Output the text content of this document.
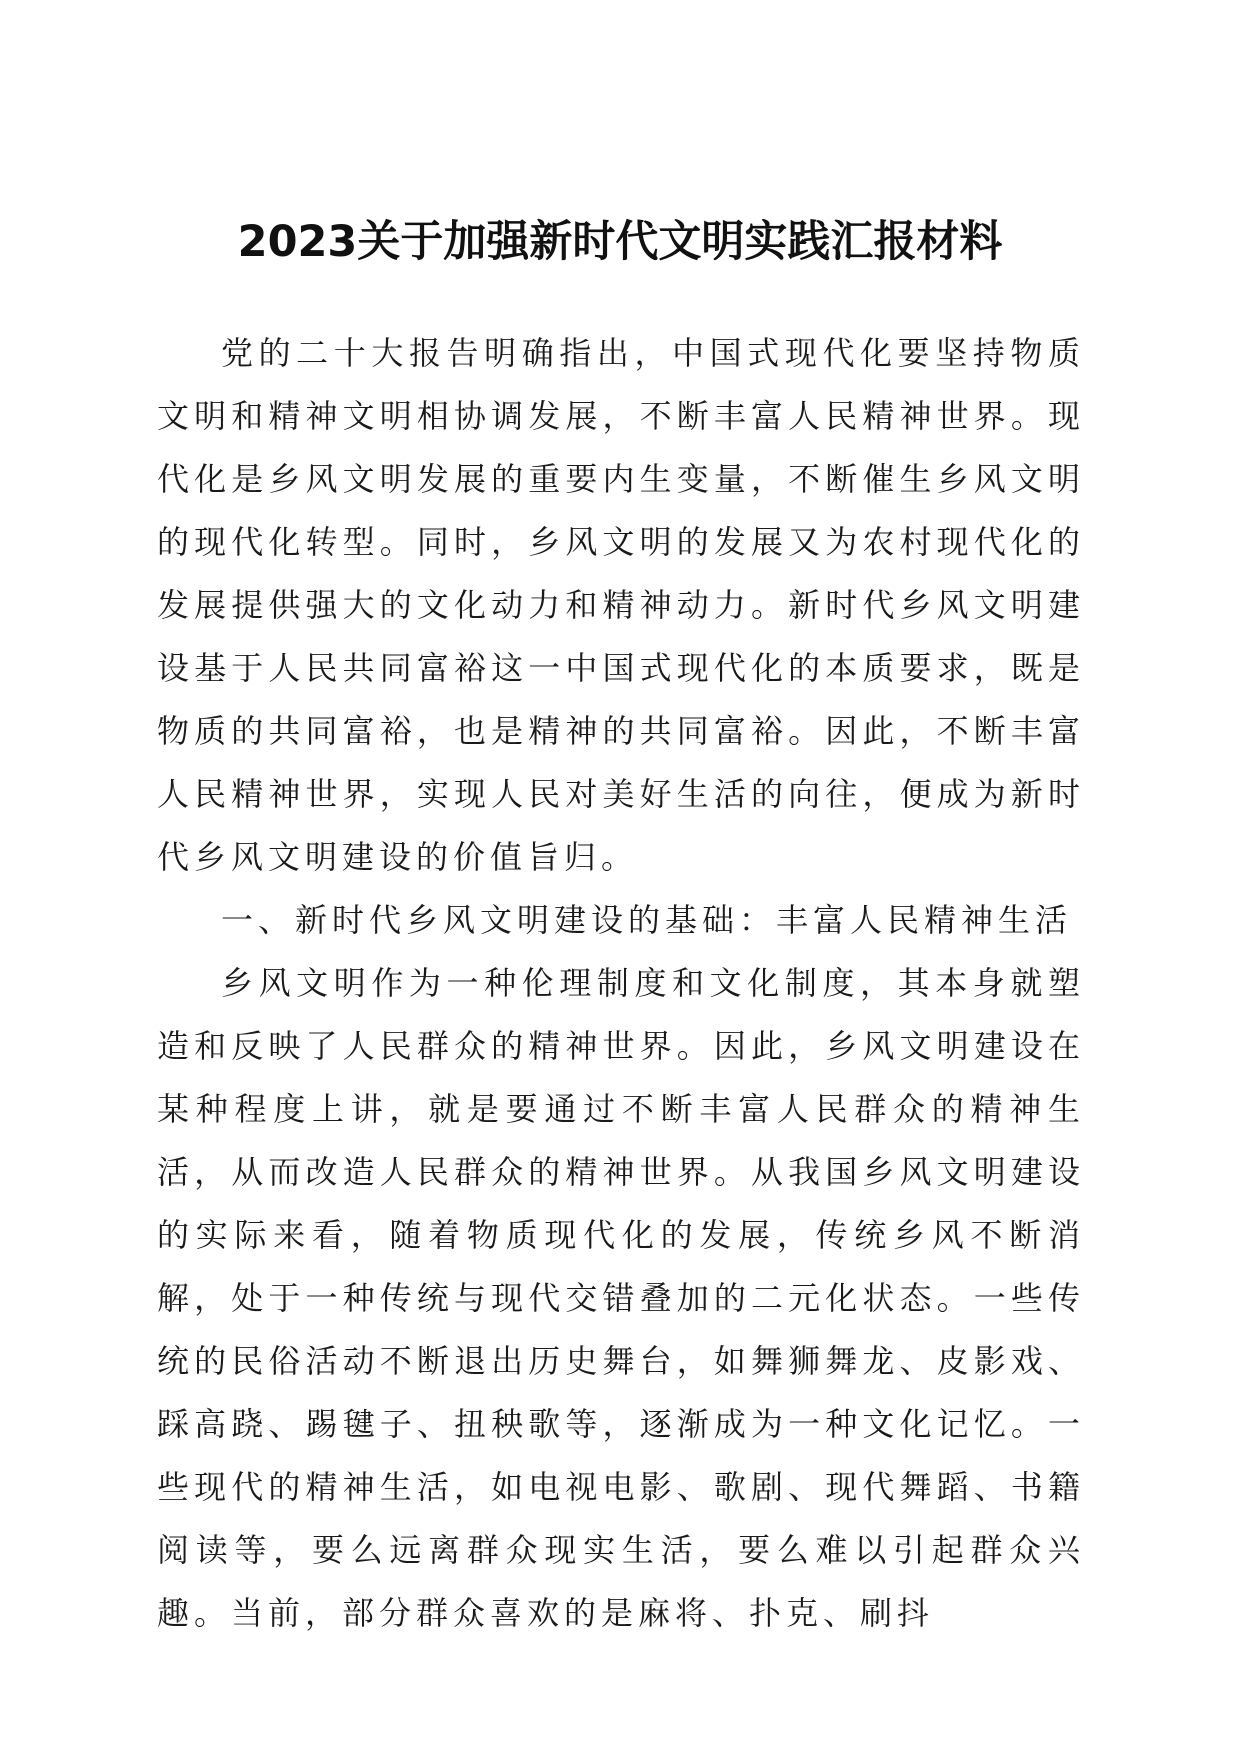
2023关于加强新时代文明实践汇报材料

党的二十大报告明确指出，中国式现代化要坚持物质文明和精神文明相协调发展，不断丰富人民精神世界。现代化是乡风文明发展的重要内生变量，不断催生乡风文明的现代化转型。同时，乡风文明的发展又为农村现代化的发展提供强大的文化动力和精神动力。新时代乡风文明建设基于人民共同富裕这一中国式现代化的本质要求，既是物质的共同富裕，也是精神的共同富裕。因此，不断丰富人民精神世界，实现人民对美好生活的向往，便成为新时代乡风文明建设的价值旨归。

一、新时代乡风文明建设的基础：丰富人民精神生活

乡风文明作为一种伦理制度和文化制度，其本身就塑造和反映了人民群众的精神世界。因此，乡风文明建设在某种程度上讲，就是要通过不断丰富人民群众的精神生活，从而改造人民群众的精神世界。从我国乡风文明建设的实际来看，随着物质现代化的发展，传统乡风不断消解，处于一种传统与现代交错叠加的二元化状态。一些传统的民俗活动不断退出历史舞台，如舞狮舞龙、皮影戏、踩高跷、踢毽子、扭秧歌等，逐渐成为一种文化记忆。一些现代的精神生活，如电视电影、歌剧、现代舞蹈、书籍阅读等，要么远离群众现实生活，要么难以引起群众兴趣。当前，部分群众喜欢的是麻将、扑克、刷抖
